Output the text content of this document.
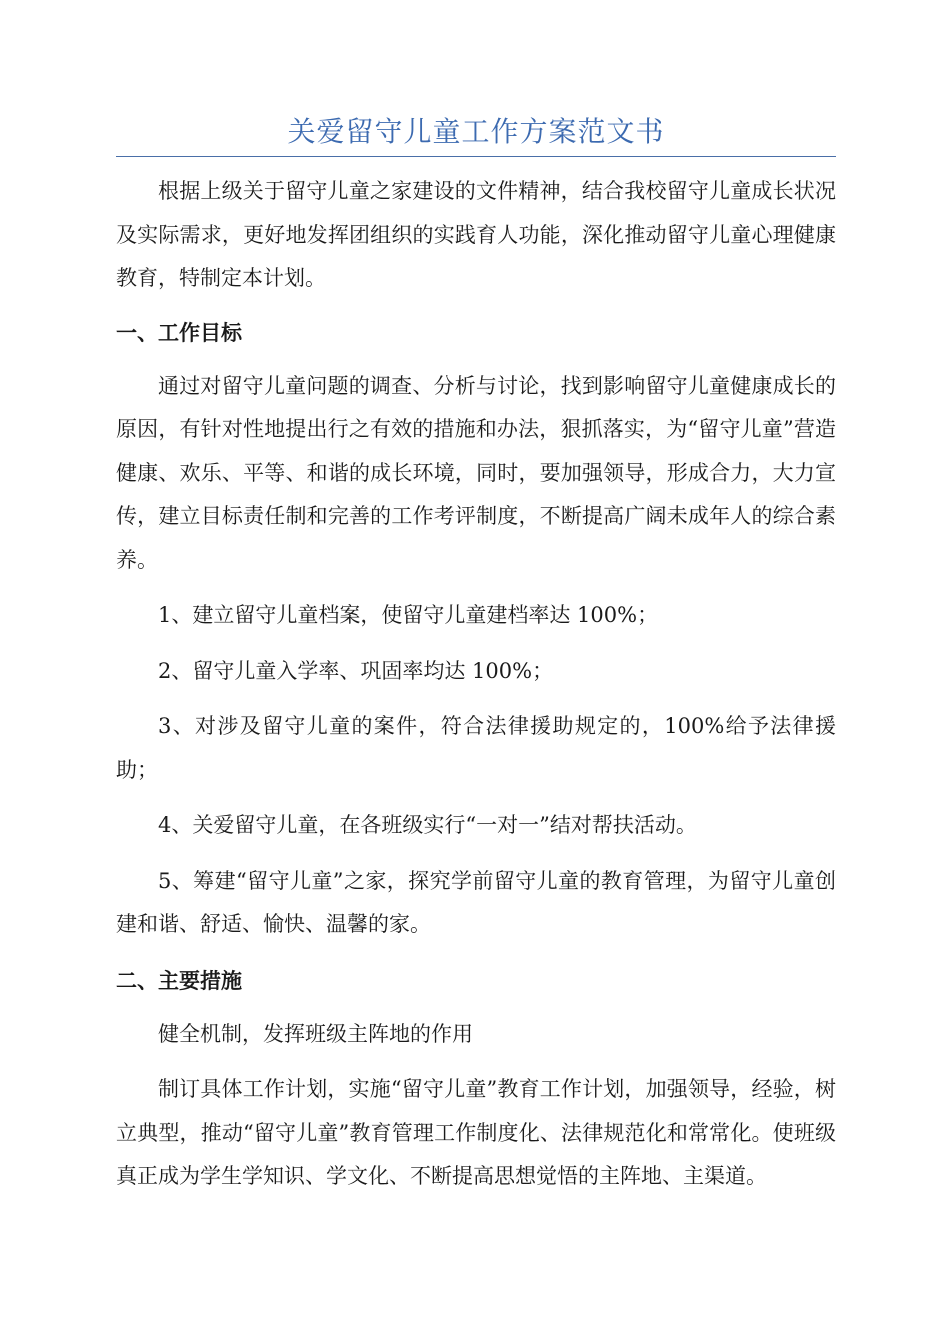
关爱留守儿童工作方案范文书

根据上级关于留守儿童之家建设的文件精神，结合我校留守儿童成长状况及实际需求，更好地发挥团组织的实践育人功能，深化推动留守儿童心理健康教育，特制定本计划。

一、工作目标

通过对留守儿童问题的调查、分析与讨论，找到影响留守儿童健康成长的原因，有针对性地提出行之有效的措施和办法，狠抓落实，为“留守儿童”营造健康、欢乐、平等、和谐的成长环境，同时，要加强领导，形成合力，大力宣传，建立目标责任制和完善的工作考评制度，不断提高广阔未成年人的综合素养。

1、建立留守儿童档案，使留守儿童建档率达 100%；

2、留守儿童入学率、巩固率均达 100%；

3、对涉及留守儿童的案件，符合法律援助规定的，100%给予法律援助；

4、关爱留守儿童，在各班级实行“一对一”结对帮扶活动。

5、筹建“留守儿童”之家，探究学前留守儿童的教育管理，为留守儿童创建和谐、舒适、愉快、温馨的家。

二、主要措施

健全机制，发挥班级主阵地的作用

制订具体工作计划，实施“留守儿童”教育工作计划，加强领导，经验，树立典型，推动“留守儿童”教育管理工作制度化、法律规范化和常常化。使班级真正成为学生学知识、学文化、不断提高思想觉悟的主阵地、主渠道。
